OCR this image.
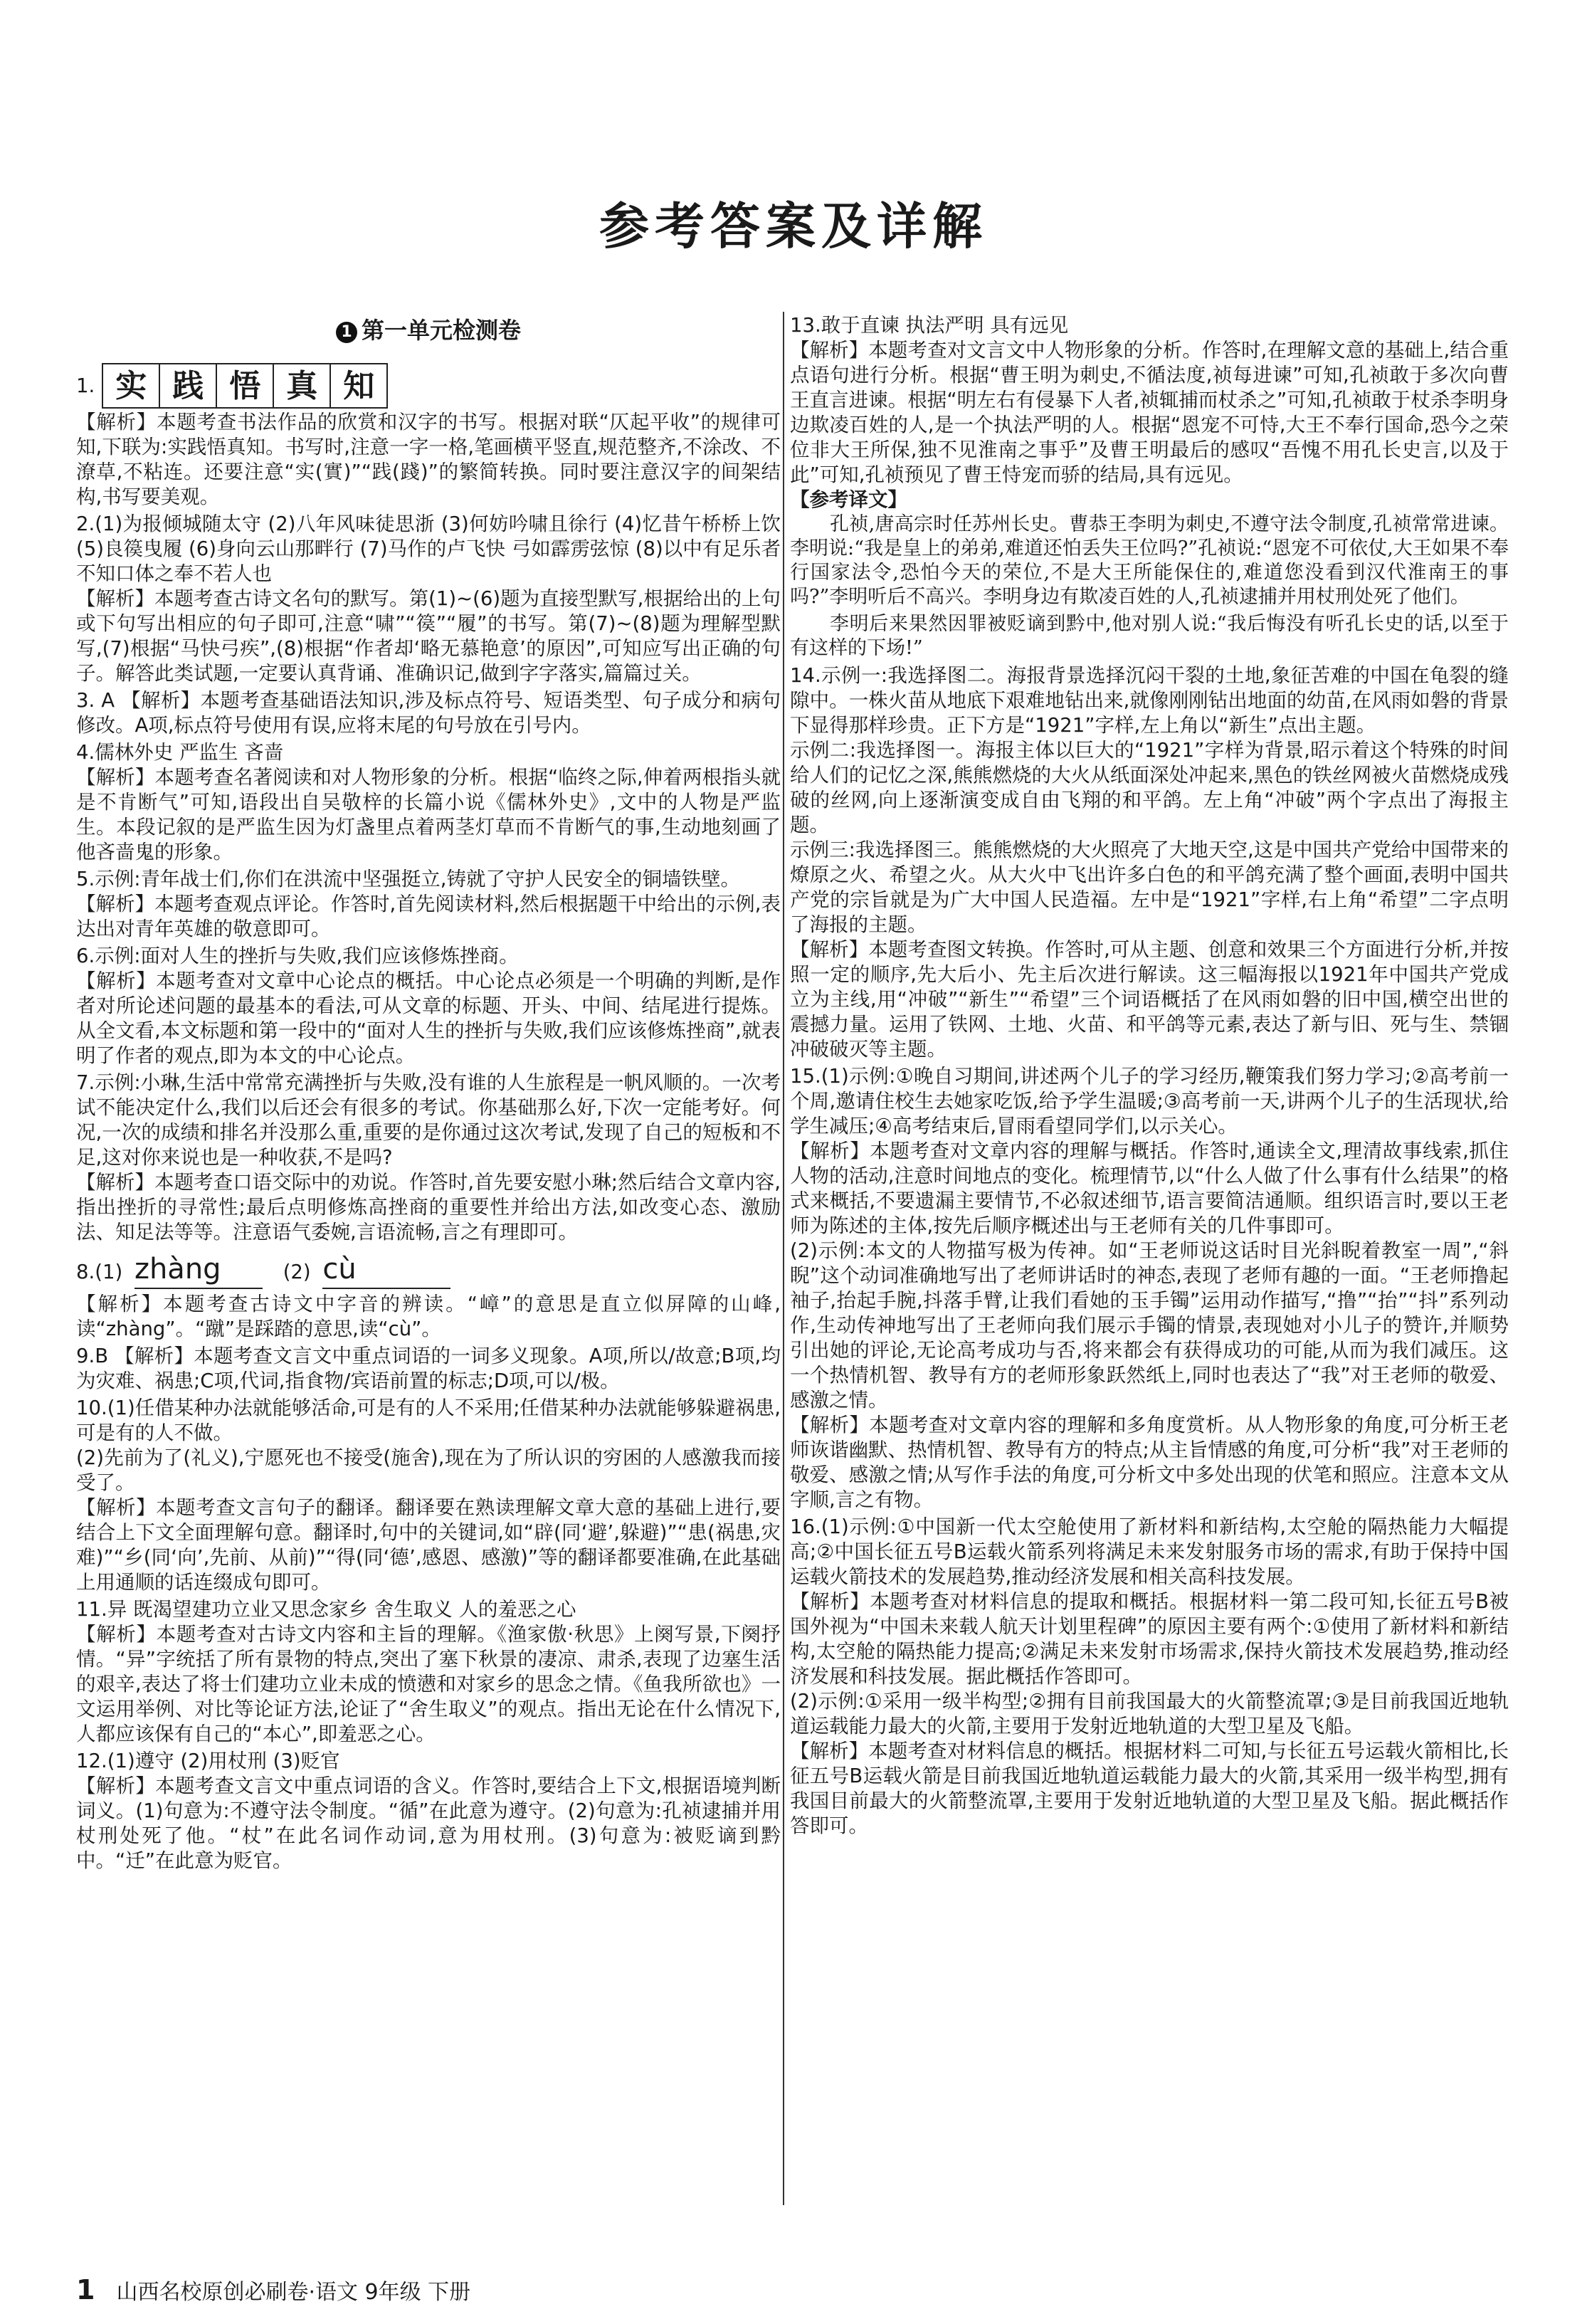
参考答案及详解
1 第一单元检测卷
1. 实 践 悟 真 知

【解析】本题考查书法作品的欣赏和汉字的书写。根据对联“仄起平收”的规律可知,下联为:实践悟真知。书写时,注意一字一格,笔画横平竖直,规范整齐,不涂改、不潦草,不粘连。还要注意“实(實)”“践(踐)”的繁简转换。同时要注意汉字的间架结构,书写要美观。

2.(1)为报倾城随太守 (2)八年风味徒思浙 (3)何妨吟啸且徐行 (4)忆昔午桥桥上饮 (5)良篌曳履 (6)身向云山那畔行 (7)马作的卢飞快 弓如霹雳弦惊 (8)以中有足乐者 不知口体之奉不若人也

【解析】本题考查古诗文名句的默写。第(1)~(6)题为直接型默写,根据给出的上句或下句写出相应的句子即可,注意“啸”“篌”“履”的书写。第(7)~(8)题为理解型默写,(7)根据“马快弓疾”,(8)根据“作者却‘略无慕艳意’的原因”,可知应写出正确的句子。解答此类试题,一定要认真背诵、准确识记,做到字字落实,篇篇过关。

3. A 【解析】本题考查基础语法知识,涉及标点符号、短语类型、句子成分和病句修改。A项,标点符号使用有误,应将末尾的句号放在引号内。

4.儒林外史 严监生 吝啬

【解析】本题考查名著阅读和对人物形象的分析。根据“临终之际,伸着两根指头就是不肯断气”可知,语段出自吴敬梓的长篇小说《儒林外史》,文中的人物是严监生。本段记叙的是严监生因为灯盏里点着两茎灯草而不肯断气的事,生动地刻画了他吝啬鬼的形象。

5.示例:青年战士们,你们在洪流中坚强挺立,铸就了守护人民安全的铜墙铁壁。

【解析】本题考查观点评论。作答时,首先阅读材料,然后根据题干中给出的示例,表达出对青年英雄的敬意即可。

6.示例:面对人生的挫折与失败,我们应该修炼挫商。

【解析】本题考查对文章中心论点的概括。中心论点必须是一个明确的判断,是作者对所论述问题的最基本的看法,可从文章的标题、开头、中间、结尾进行提炼。从全文看,本文标题和第一段中的“面对人生的挫折与失败,我们应该修炼挫商”,就表明了作者的观点,即为本文的中心论点。

7.示例:小琳,生活中常常充满挫折与失败,没有谁的人生旅程是一帆风顺的。一次考试不能决定什么,我们以后还会有很多的考试。你基础那么好,下次一定能考好。何况,一次的成绩和排名并没那么重,重要的是你通过这次考试,发现了自己的短板和不足,这对你来说也是一种收获,不是吗?

【解析】本题考查口语交际中的劝说。作答时,首先要安慰小琳;然后结合文章内容,指出挫折的寻常性;最后点明修炼高挫商的重要性并给出方法,如改变心态、激励法、知足法等等。注意语气委婉,言语流畅,言之有理即可。

8.(1) zhàng	(2) cù

【解析】本题考查古诗文中字音的辨读。“嶂”的意思是直立似屏障的山峰,读“zhàng”。“蹴”是踩踏的意思,读“cù”。

9.B 【解析】本题考查文言文中重点词语的一词多义现象。A项,所以/故意;B项,均为灾难、祸患;C项,代词,指食物/宾语前置的标志;D项,可以/极。

10.(1)任借某种办法就能够活命,可是有的人不采用;任借某种办法就能够躲避祸患,可是有的人不做。

(2)先前为了(礼义),宁愿死也不接受(施舍),现在为了所认识的穷困的人感激我而接受了。

【解析】本题考查文言句子的翻译。翻译要在熟读理解文章大意的基础上进行,要结合上下文全面理解句意。翻译时,句中的关键词,如“辟(同‘避’,躲避)”“患(祸患,灾难)”“乡(同‘向’,先前、从前)”“得(同‘德’,感恩、感激)”等的翻译都要准确,在此基础上用通顺的话连缀成句即可。

11.异 既渴望建功立业又思念家乡 舍生取义 人的羞恶之心

【解析】本题考查对古诗文内容和主旨的理解。《渔家傲·秋思》上阕写景,下阕抒情。“异”字统括了所有景物的特点,突出了塞下秋景的凄凉、肃杀,表现了边塞生活的艰辛,表达了将士们建功立业未成的愤懑和对家乡的思念之情。《鱼我所欲也》一文运用举例、对比等论证方法,论证了“舍生取义”的观点。指出无论在什么情况下,人都应该保有自己的“本心”,即羞恶之心。

12.(1)遵守 (2)用杖刑 (3)贬官

【解析】本题考查文言文中重点词语的含义。作答时,要结合上下文,根据语境判断词义。(1)句意为:不遵守法令制度。“循”在此意为遵守。(2)句意为:孔祯逮捕并用杖刑处死了他。“杖”在此名词作动词,意为用杖刑。(3)句意为:被贬谪到黔中。“迁”在此意为贬官。

13.敢于直谏 执法严明 具有远见

【解析】本题考查对文言文中人物形象的分析。作答时,在理解文意的基础上,结合重点语句进行分析。根据“曹王明为刺史,不循法度,祯每进谏”可知,孔祯敢于多次向曹王直言进谏。根据“明左右有侵暴下人者,祯辄捕而杖杀之”可知,孔祯敢于杖杀李明身边欺凌百姓的人,是一个执法严明的人。根据“恩宠不可恃,大王不奉行国命,恐今之荣位非大王所保,独不见淮南之事乎”及曹王明最后的感叹“吾愧不用孔长史言,以及于此”可知,孔祯预见了曹王恃宠而骄的结局,具有远见。

【参考译文】

孔祯,唐高宗时任苏州长史。曹恭王李明为刺史,不遵守法令制度,孔祯常常进谏。李明说:“我是皇上的弟弟,难道还怕丢失王位吗?”孔祯说:“恩宠不可依仗,大王如果不奉行国家法令,恐怕今天的荣位,不是大王所能保住的,难道您没看到汉代淮南王的事吗?”李明听后不高兴。李明身边有欺凌百姓的人,孔祯逮捕并用杖刑处死了他们。

李明后来果然因罪被贬谪到黔中,他对别人说:“我后悔没有听孔长史的话,以至于有这样的下场!”

14.示例一:我选择图二。海报背景选择沉闷干裂的土地,象征苦难的中国在龟裂的缝隙中。一株火苗从地底下艰难地钻出来,就像刚刚钻出地面的幼苗,在风雨如磐的背景下显得那样珍贵。正下方是“1921”字样,左上角以“新生”点出主题。

示例二:我选择图一。海报主体以巨大的“1921”字样为背景,昭示着这个特殊的时间给人们的记忆之深,熊熊燃烧的大火从纸面深处冲起来,黑色的铁丝网被火苗燃烧成残破的丝网,向上逐渐演变成自由飞翔的和平鸽。左上角“冲破”两个字点出了海报主题。

示例三:我选择图三。熊熊燃烧的大火照亮了大地天空,这是中国共产党给中国带来的燎原之火、希望之火。从大火中飞出许多白色的和平鸽充满了整个画面,表明中国共产党的宗旨就是为广大中国人民造福。左中是“1921”字样,右上角“希望”二字点明了海报的主题。

【解析】本题考查图文转换。作答时,可从主题、创意和效果三个方面进行分析,并按照一定的顺序,先大后小、先主后次进行解读。这三幅海报以1921年中国共产党成立为主线,用“冲破”“新生”“希望”三个词语概括了在风雨如磐的旧中国,横空出世的震撼力量。运用了铁网、土地、火苗、和平鸽等元素,表达了新与旧、死与生、禁锢冲破破灭等主题。

15.(1)示例:①晚自习期间,讲述两个儿子的学习经历,鞭策我们努力学习;②高考前一个周,邀请住校生去她家吃饭,给予学生温暖;③高考前一天,讲两个儿子的生活现状,给学生减压;④高考结束后,冒雨看望同学们,以示关心。

【解析】本题考查对文章内容的理解与概括。作答时,通读全文,理清故事线索,抓住人物的活动,注意时间地点的变化。梳理情节,以“什么人做了什么事有什么结果”的格式来概括,不要遗漏主要情节,不必叙述细节,语言要简洁通顺。组织语言时,要以王老师为陈述的主体,按先后顺序概述出与王老师有关的几件事即可。

(2)示例:本文的人物描写极为传神。如“王老师说这话时目光斜睨着教室一周”,“斜睨”这个动词准确地写出了老师讲话时的神态,表现了老师有趣的一面。“王老师撸起袖子,抬起手腕,抖落手臂,让我们看她的玉手镯”运用动作描写,“撸”“抬”“抖”系列动作,生动传神地写出了王老师向我们展示手镯的情景,表现她对小儿子的赞许,并顺势引出她的评论,无论高考成功与否,将来都会有获得成功的可能,从而为我们减压。这一个热情机智、教导有方的老师形象跃然纸上,同时也表达了“我”对王老师的敬爱、感激之情。

【解析】本题考查对文章内容的理解和多角度赏析。从人物形象的角度,可分析王老师诙谐幽默、热情机智、教导有方的特点;从主旨情感的角度,可分析“我”对王老师的敬爱、感激之情;从写作手法的角度,可分析文中多处出现的伏笔和照应。注意本文从字顺,言之有物。

16.(1)示例:①中国新一代太空舱使用了新材料和新结构,太空舱的隔热能力大幅提高;②中国长征五号B运载火箭系列将满足未来发射服务市场的需求,有助于保持中国运载火箭技术的发展趋势,推动经济发展和相关高科技发展。

【解析】本题考查对材料信息的提取和概括。根据材料一第二段可知,长征五号B被国外视为“中国未来载人航天计划里程碑”的原因主要有两个:①使用了新材料和新结构,太空舱的隔热能力提高;②满足未来发射市场需求,保持火箭技术发展趋势,推动经济发展和科技发展。据此概括作答即可。

(2)示例:①采用一级半构型;②拥有目前我国最大的火箭整流罩;③是目前我国近地轨道运载能力最大的火箭,主要用于发射近地轨道的大型卫星及飞船。

【解析】本题考查对材料信息的概括。根据材料二可知,与长征五号运载火箭相比,长征五号B运载火箭是目前我国近地轨道运载能力最大的火箭,其采用一级半构型,拥有我国目前最大的火箭整流罩,主要用于发射近地轨道的大型卫星及飞船。据此概括作答即可。

1 山西名校原创必刷卷·语文 9年级 下册
